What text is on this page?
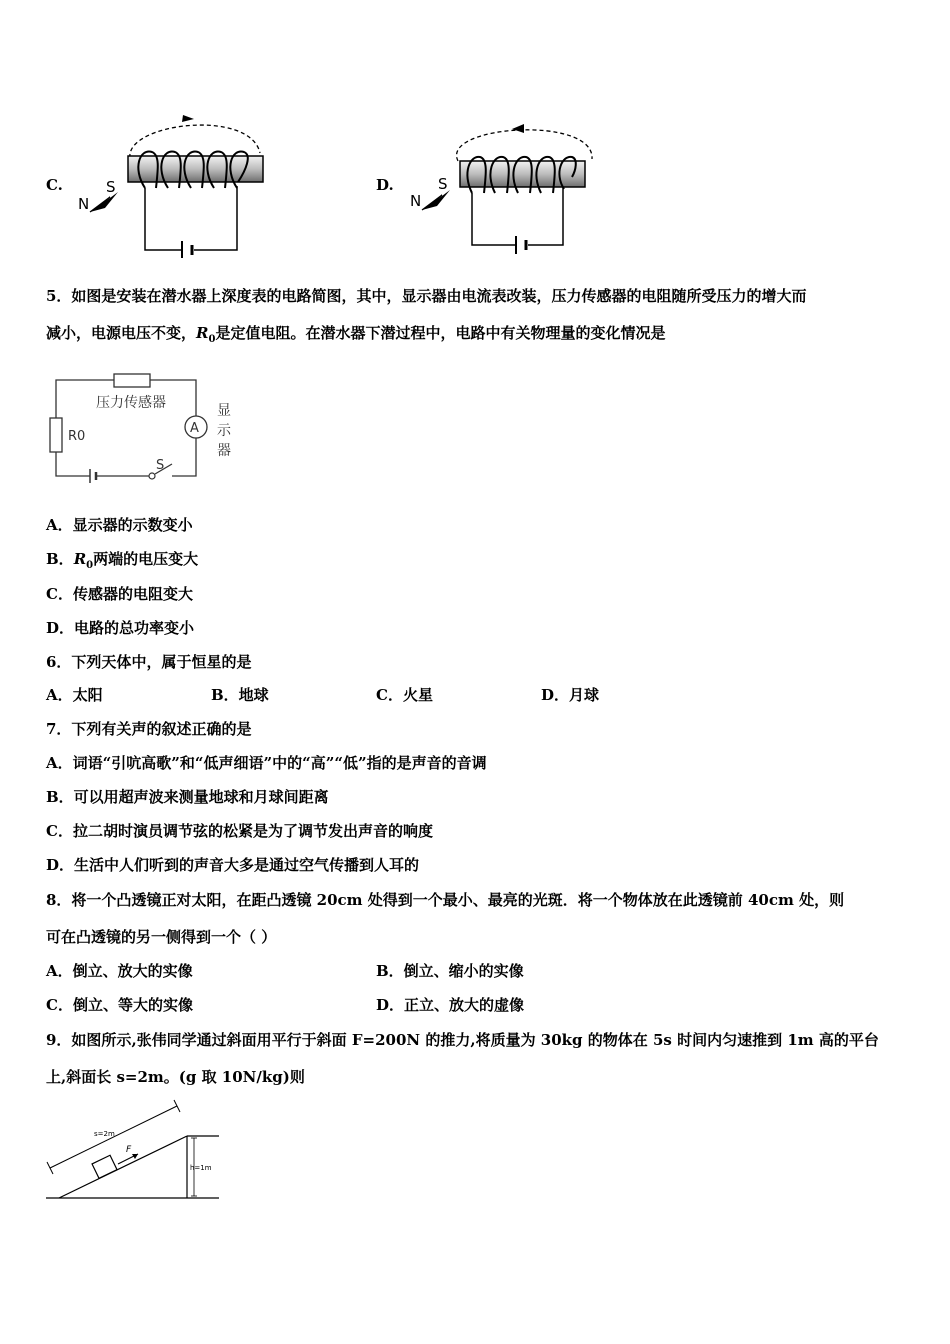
C.	S
N
D.	S
N
5．如图是安装在潜水器上深度表的电路简图，其中，显示器由电流表改装，压力传感器的电阻随所受压力的增大而
减小，电源电压不变，$R_0$是定值电阻。在潜水器下潜过程中，电路中有关物理量的变化情况是
压力传感器
R0
S
A
显
示
器
A．显示器的示数变小
B．$R_0$两端的电压变大
C．传感器的电阻变大
D．电路的总功率变小
6．下列天体中，属于恒星的是
A．太阳	B．地球	C．火星	D．月球
7．下列有关声的叙述正确的是
A．词语“引吭高歌”和“低声细语”中的“高”“低”指的是声音的音调
B．可以用超声波来测量地球和月球间距离
C．拉二胡时演员调节弦的松紧是为了调节发出声音的响度
D．生活中人们听到的声音大多是通过空气传播到人耳的
8．将一个凸透镜正对太阳，在距凸透镜 20cm 处得到一个最小、最亮的光斑．将一个物体放在此透镜前 40cm 处，则
可在凸透镜的另一侧得到一个（ ）
A．倒立、放大的实像	B．倒立、缩小的实像
C．倒立、等大的实像	D．正立、放大的虚像
9．如图所示,张伟同学通过斜面用平行于斜面 F=200N 的推力,将质量为 30kg 的物体在 5s 时间内匀速推到 1m 高的平台
上,斜面长 s=2m。(g 取 10N/kg)则
F
s=2m
h=1m
